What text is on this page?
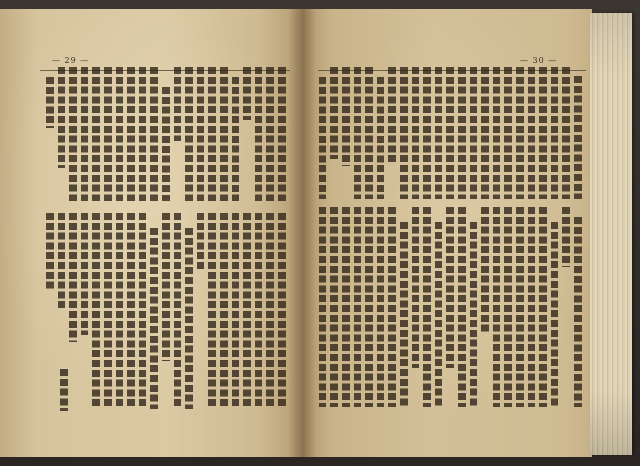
— 29 —	— 30 —
